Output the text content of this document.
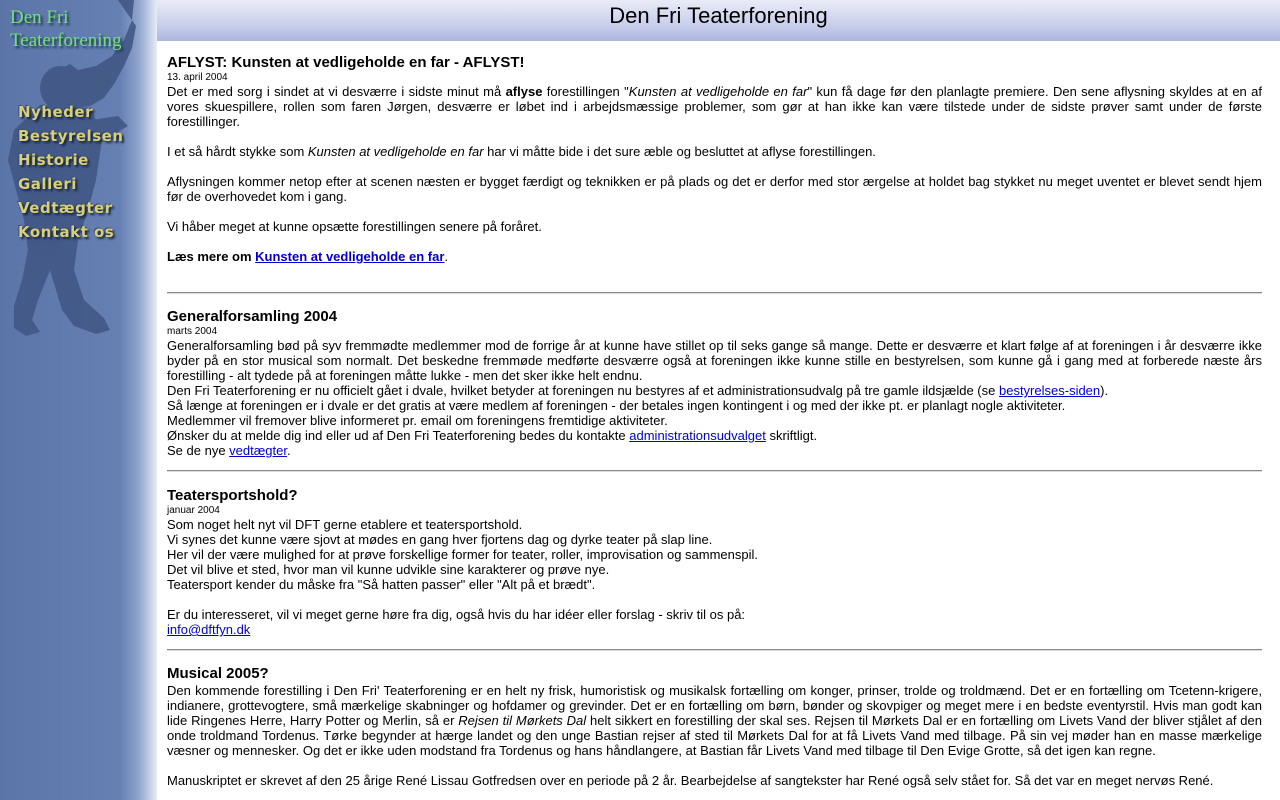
Den Fri
Teaterforening
Nyheder
Bestyrelsen
Historie
Galleri
Vedtægter
Kontakt os
Den Fri Teaterforening
AFLYST: Kunsten at vedligeholde en far - AFLYST!
13. april 2004

Det er med sorg i sindet at vi desværre i sidste minut må aflyse forestillingen "Kunsten at vedligeholde en far" kun få dage før den planlagte premiere. Den sene aflysning skyldes at en af vores skuespillere, rollen som faren Jørgen, desværre er løbet ind i arbejdsmæssige problemer, som gør at han ikke kan være tilstede under de sidste prøver samt under de første forestillinger.

I et så hårdt stykke som Kunsten at vedligeholde en far har vi måtte bide i det sure æble og besluttet at aflyse forestillingen.

Aflysningen kommer netop efter at scenen næsten er bygget færdigt og teknikken er på plads og det er derfor med stor ærgelse at holdet bag stykket nu meget uventet er blevet sendt hjem før de overhovedet kom i gang.

Vi håber meget at kunne opsætte forestillingen senere på foråret.

Læs mere om Kunsten at vedligeholde en far.

Generalforsamling 2004
marts 2004

Generalforsamling bød på syv fremmødte medlemmer mod de forrige år at kunne have stillet op til seks gange så mange. Dette er desværre et klart følge af at foreningen i år desværre ikke byder på en stor musical som normalt. Det beskedne fremmøde medførte desværre også at foreningen ikke kunne stille en bestyrelsen, som kunne gå i gang med at forberede næste års forestilling - alt tydede på at foreningen måtte lukke - men det sker ikke helt endnu.

Den Fri Teaterforening er nu officielt gået i dvale, hvilket betyder at foreningen nu bestyres af et administrationsudvalg på tre gamle ildsjælde (se bestyrelses-siden).

Så længe at foreningen er i dvale er det gratis at være medlem af foreningen - der betales ingen kontingent i og med der ikke pt. er planlagt nogle aktiviteter.

Medlemmer vil fremover blive informeret pr. email om foreningens fremtidige aktiviteter.

Ønsker du at melde dig ind eller ud af Den Fri Teaterforening bedes du kontakte administrationsudvalget skriftligt.

Se de nye vedtægter.

Teatersportshold?
januar 2004

Som noget helt nyt vil DFT gerne etablere et teatersportshold.

Vi synes det kunne være sjovt at mødes en gang hver fjortens dag og dyrke teater på slap line.

Her vil der være mulighed for at prøve forskellige former for teater, roller, improvisation og sammenspil.

Det vil blive et sted, hvor man vil kunne udvikle sine karakterer og prøve nye.

Teatersport kender du måske fra "Så hatten passer" eller "Alt på et brædt".

Er du interesseret, vil vi meget gerne høre fra dig, også hvis du har idéer eller forslag - skriv til os på:

info@dftfyn.dk

Musical 2005?

Den kommende forestilling i Den Fri' Teaterforening er en helt ny frisk, humoristisk og musikalsk fortælling om konger, prinser, trolde og troldmænd. Det er en fortælling om Tcetenn-krigere, indianere, grottevogtere, små mærkelige skabninger og hofdamer og grevinder. Det er en fortælling om børn, bønder og skovpiger og meget mere i en bedste eventyrstil. Hvis man godt kan lide Ringenes Herre, Harry Potter og Merlin, så er Rejsen til Mørkets Dal helt sikkert en forestilling der skal ses. Rejsen til Mørkets Dal er en fortælling om Livets Vand der bliver stjålet af den onde troldmand Tordenus. Tørke begynder at hærge landet og den unge Bastian rejser af sted til Mørkets Dal for at få Livets Vand med tilbage. På sin vej møder han en masse mærkelige væsner og mennesker. Og det er ikke uden modstand fra Tordenus og hans håndlangere, at Bastian får Livets Vand med tilbage til Den Evige Grotte, så det igen kan regne.

Manuskriptet er skrevet af den 25 årige René Lissau Gotfredsen over en periode på 2 år. Bearbejdelse af sangtekster har René også selv stået for. Så det var en meget nervøs René.
